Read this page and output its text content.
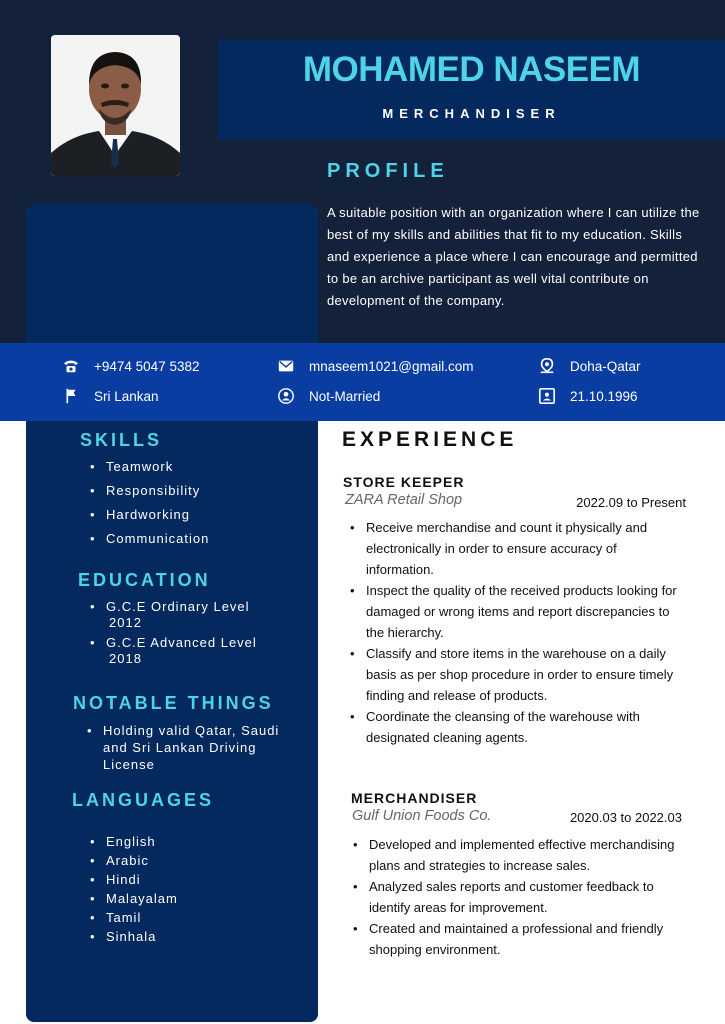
MOHAMED NASEEM
MERCHANDISER
PROFILE
A suitable position with an organization where I can utilize the best of my skills and abilities that fit to my education. Skills and experience a place where I can encourage and permitted to be an archive participant as well vital contribute on development of the company.
+9474 5047 5382	mnaseem1021@gmail.com	Doha-Qatar
Sri Lankan	Not-Married	21.10.1996
SKILLS
• Teamwork
• Responsibility
• Hardworking
• Communication
EDUCATION
• G.C.E Ordinary Level
2012
• G.C.E Advanced Level
2018
NOTABLE THINGS
• Holding valid Qatar, Saudi and Sri Lankan Driving License
LANGUAGES
• English
• Arabic
• Hindi
• Malayalam
• Tamil
• Sinhala
EXPERIENCE
STORE KEEPER
ZARA Retail Shop	2022.09 to Present
• Receive merchandise and count it physically and electronically in order to ensure accuracy of information.
• Inspect the quality of the received products looking for damaged or wrong items and report discrepancies to the hierarchy.
• Classify and store items in the warehouse on a daily basis as per shop procedure in order to ensure timely finding and release of products.
• Coordinate the cleansing of the warehouse with designated cleaning agents.
MERCHANDISER
Gulf Union Foods Co.	2020.03 to 2022.03
• Developed and implemented effective merchandising plans and strategies to increase sales.
• Analyzed sales reports and customer feedback to identify areas for improvement.
• Created and maintained a professional and friendly shopping environment.
